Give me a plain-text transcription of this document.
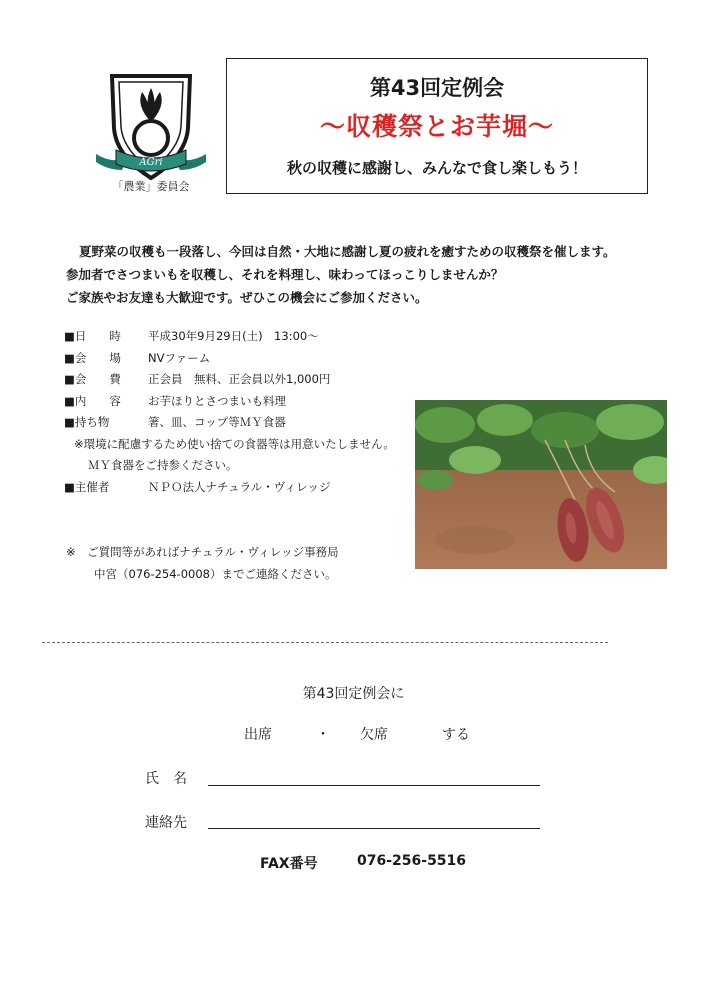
AGri
「農業」委員会
第43回定例会
～収穫祭とお芋堀～
秋の収穫に感謝し、みんなで食し楽しもう！

夏野菜の収穫も一段落し、今回は自然・大地に感謝し夏の疲れを癒すための収穫祭を催します。

参加者でさつまいもを収穫し、それを料理し、味わってほっこりしませんか？

ご家族やお友達も大歓迎です。ぜひこの機会にご参加ください。

■日　　時 平成30年9月29日(土)　13:00～
■会　　場 NVファーム
■会　　費 正会員　無料、正会員以外1,000円
■内　　容 お芋ほりとさつまいも料理
■持ち物	箸、皿、コップ等ＭＹ食器
※環境に配慮するため使い捨ての食器等は用意いたしません。
ＭＹ食器をご持参ください。
■主催者	ＮＰＯ法人ナチュラル・ヴィレッジ
※　ご質問等があればナチュラル・ヴィレッジ事務局
中宮（076-254-0008）までご連絡ください。
第43回定例会に
出席	・ 欠席	する
氏　名
連絡先
FAX番号	076-256-5516
